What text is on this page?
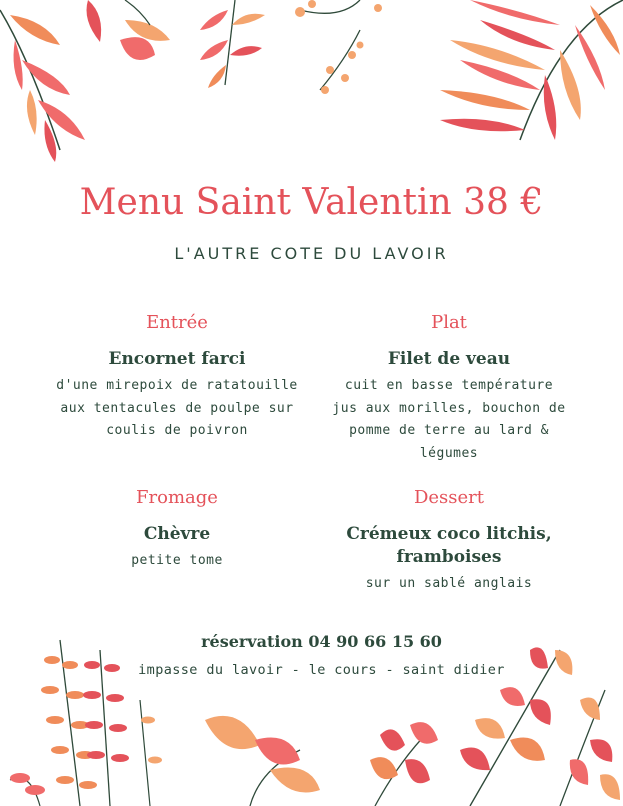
Menu Saint Valentin 38 €
L'AUTRE COTE DU LAVOIR
Entrée
Encornet farci
d'une mirepoix de ratatouille
aux tentacules de poulpe sur
coulis de poivron
Plat
Filet de veau
cuit en basse température
jus aux morilles, bouchon de
pomme de terre au lard &
légumes
Fromage
Chèvre
petite tome
Dessert
Crémeux coco litchis,
framboises
sur un sablé anglais
réservation 04 90 66 15 60
impasse du lavoir - le cours - saint didier
